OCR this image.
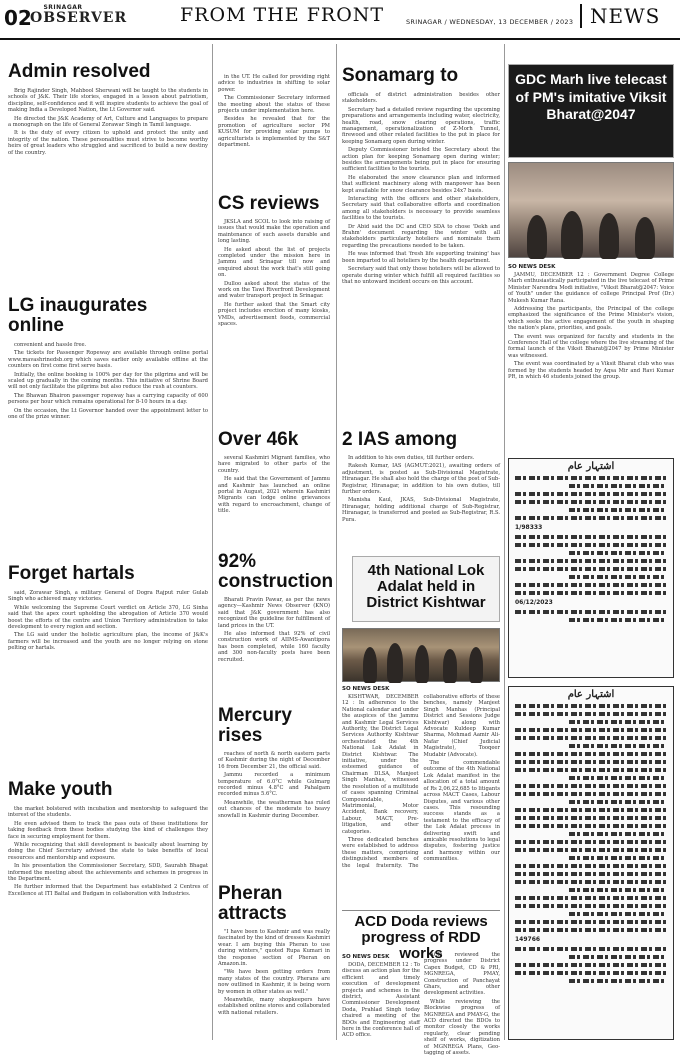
02	SRINAGAR
OBSERVER	FROM THE FRONT	SRINAGAR / WEDNESDAY, 13 DECEMBER / 2023 NEWS
Admin resolved

Brig Rajinder Singh, Mahbool Sherwani will be taught to the students in schools of J&K. Their life stories, engaged in a lesson about patriotism, discipline, self-confidence and it will inspire students to achieve the goal of making India a Developed Nation, the Lt Governor said.

He directed the J&K Academy of Art, Culture and Languages to prepare a monograph on the life of General Zorawar Singh in Tamil language.

It is the duty of every citizen to uphold and protect the unity and integrity of the nation. These personalities must strive to become worthy heirs of great leaders who struggled and sacrificed to build a new destiny of the country.

LG inaugurates online

convenient and hassle free.

The tickets for Passenger Ropeway are available through online portal www.mavashrinedsb.org which saves earlier only available offline at the counters on first come first serve basis.

Initially, the online booking is 100% per day for the pilgrims and will be scaled up gradually in the coming months. This initiative of Shrine Board will not only facilitate the pilgrims but also reduce the rush at counters.

The Bhawan Bhairon passenger ropeway has a carrying capacity of 600 persons per hour which remains operational for 8-10 hours in a day.

On the occasion, the Lt Governor handed over the appointment letter to one of the prize winner.

Forget hartals

said, Zorawar Singh, a military General of Dogra Rajput ruler Gulab Singh who achieved many victories.

While welcoming the Supreme Court verdict on Article 370, LG Sinha said that the apex court upholding the abrogation of Article 370 would boost the efforts of the centre and Union Territory administration to take development to every region and section.

The LG said under the holistic agriculture plan, the income of J&K's farmers will be increased and the youth are no longer relying on stone pelting or hartals.

Make youth

the market bolstered with incubation and mentorship to safeguard the interest of the students.

He even advised them to track the pass outs of these institutions for taking feedback from these bodies studying the kind of challenges they face in securing employment for them.

While recognizing that skill development is basically about learning by doing the Chief Secretary advised the state to take benefits of local resources and mentorship and exposure.

In his presentation the Commissioner Secretary, SDD, Saurabh Bhagat informed the meeting about the achievements and schemes in progress in the Department.

He further informed that the Department has established 2 Centres of Excellence at ITI Baltal and Budgam in collaboration with Industries.

in the UT. He called for providing right advice to industries in shifting to solar power.

The Commissioner Secretary informed the meeting about the status of these projects under implementation here.

Besides he revealed that for the promotion of agriculture sector PM KUSUM for providing solar pumps to agriculturists is implemented by the S&T department.

CS reviews

JKSLA and SCOL to look into raising of issues that would make the operation and maintenance of such assets durable and long lasting.

He asked about the list of projects completed under the mission here in Jammu and Srinagar till now and enquired about the work that's still going on.

Dulloo asked about the status of the work on the Tawi Riverfront Development and water transport project in Srinagar.

He further asked that the Smart city project includes erection of many kiosks, VMDs, advertisement feeds, commercial spaces.

Over 46k

several Kashmiri Migrant families, who have migrated to other parts of the country.

He said that the Government of Jammu and Kashmir has launched an online portal in August, 2021 wherein Kashmiri Migrants can lodge online grievances with regard to encroachment, change of title.

92% construction

Bharati Pravin Pawar, as per the news agency—Kashmir News Observer (KNO) said that J&K government has also recognized the guideline for fulfillment of land prices in the UT.

He also informed that 92% of civil construction work of AIIMS-Awantipora has been completed, while 160 faculty and 300 non-faculty posts have been recruited.

Mercury rises

reaches of north & north eastern parts of Kashmir during the night of December 16 from December 21, the official said.

Jammu recorded a minimum temperature of 6.0°C while Gulmarg recorded minus 4.8°C and Pahalgam recorded minus 5.6°C.

Meanwhile, the weatherman has ruled out chances of the moderate to heavy snowfall in Kashmir during December.

Pheran attracts

"I have been to Kashmir and was really fascinated by the kind of dresses Kashmiri wear. I am buying this Pheran to use during winters," quoted Rupa Kumari in the response section of Pheran on Amazon.in.

"We have been getting orders from many states of the country. Pherans are now outlined in Kashmir, it is being worn by women in other states as well."

Meanwhile, many shopkeepers have established online stores and collaborated with national retailers.

Sonamarg to

officials of district administration besides other stakeholders.

Secretary had a detailed review regarding the upcoming preparations and arrangements including water, electricity, health, road, snow clearing operations, traffic management, operationalization of Z-Morh Tunnel, firewood and other related facilities to the put in place for keeping Sonamarg open during winter.

Deputy Commissioner briefed the Secretary about the action plan for keeping Sonamarg open during winter; besides the arrangements being put in place for ensuring sufficient facilities to the tourists.

He elaborated the snow clearance plan and informed that sufficient machinery along with manpower has been kept available for snow clearance besides 24x7 basis.

Interacting with the officers and other stakeholders, Secretary said that collaborative efforts and coordination among all stakeholders is necessary to provide seamless facilities to the tourists.

Dr Abid said the DC and CEO SDA to chose 'Dekh and Brahm' document regarding the winter with all stakeholders particularly hoteliers and nominate them regarding the precautions needed to be taken.

He was informed that 'fresh life supporting training' has been imparted to all hoteliers by the health department.

Secretary said that only those hoteliers will be allowed to operate during winter which fulfill all required facilities so that no untoward incident occurs on this account.

2 IAS among

In addition to his own duties, till further orders.

Rakesh Kumar, IAS (AGMUT:2021), awaiting orders of adjustment, is posted as Sub-Divisional Magistrate, Hiranagar. He shall also hold the charge of the post of Sub-Registrar, Hiranagar, in addition to his own duties, till further orders.

Manisha Kaul, JKAS, Sub-Divisional Magistrate, Hiranagar, holding additional charge of Sub-Registrar, Hiranagar, is transferred and posted as Sub-Registrar, R.S. Pura.

4th National Lok Adalat held in District Kishtwar
SO NEWS DESK

KISHTWAR, DECEMBER 12 : In adherence to the National calendar and under the auspices of the Jammu and Kashmir Legal Services Authority, the District Legal Services Authority Kishtwar orchestrated the 4th National Lok Adalat in District Kishtwar. The initiative, under the esteemed guidance of Chairman DLSA, Manjeet Singh Manhas, witnessed the resolution of a multitude of cases spanning Criminal Compoundable, Matrimonial, Motor Accident, Bank recovery, Labour, MACT, Pre-litigation, and other categories.

Three dedicated benches were established to address these matters, comprising distinguished members of the legal fraternity. The collaborative efforts of these benches, namely Manjeet Singh Manhas (Principal District and Sessions Judge Kishtwar) along with Advocate Kuldeep Kumar Sharma, Mohmad Aamir Ali-Nafar (Chief Judicial Magistrate), Tooqeer Mudabir (Advocate).

The commendable outcome of the 4th National Lok Adalat manifest in the allocation of a total amount of Rs 2,06,22,685 to litigants across MACT Cases, Labour Disputes, and various other cases. This resounding success stands as a testament to the efficacy of the Lok Adalat process in delivering swift and amicable resolutions to legal disputes, fostering justice and harmony within our communities.

ACD Doda reviews progress of RDD works
SO NEWS DESK

DODA, DECEMBER 12 : To discuss an action plan for the efficient and timely execution of development projects and schemes in the district, Assistant Commissioner Development Doda, Prahlad Singh today chaired a meeting of the BDOs and Engineering staff here in the conference hall of ACD office.

ACD reviewed the progress under District Capex Budget, CD & PRI, MGNREGA, PMAY, Construction of Panchayat Ghars, and other development activities.

While reviewing the Blockwise progress of MGNREGA and PMAY-G, the ACD directed the BDOs to monitor closely the works regularly, clear pending shelf of works, digitization of MGNREGA Plans, Geo-tagging of assets.

GDC Marh live telecast of PM's imitative Viksit Bharat@2047
SO NEWS DESK

JAMMU, DECEMBER 12 : Government Degree College Marh enthusiastically participated in the live telecast of Prime Minister Narendra Modi initiative, "Viksit Bharat@2047: Voice of Youth" under the guidance of college Principal Prof (Dr.) Mukesh Kumar Rana.

Addressing the participants, the Principal of the college emphasized the significance of the Prime Minister's vision, which seeks the active engagement of the youth in shaping the nation's plans, priorities, and goals.

The event was organized for faculty and students in the Conference Hall of the college where the live streaming of the formal launch of the Viksit Bharat@2047 by Prime Minister was witnessed.

The event was coordinated by a Viksit Bharat club who was formed by the students headed by Aqsa Mir and Ravi Kumar PR, in which 46 students joined the group.

اشتہار عام
1/98333
06/12/2023
اشتہار عام
149766
